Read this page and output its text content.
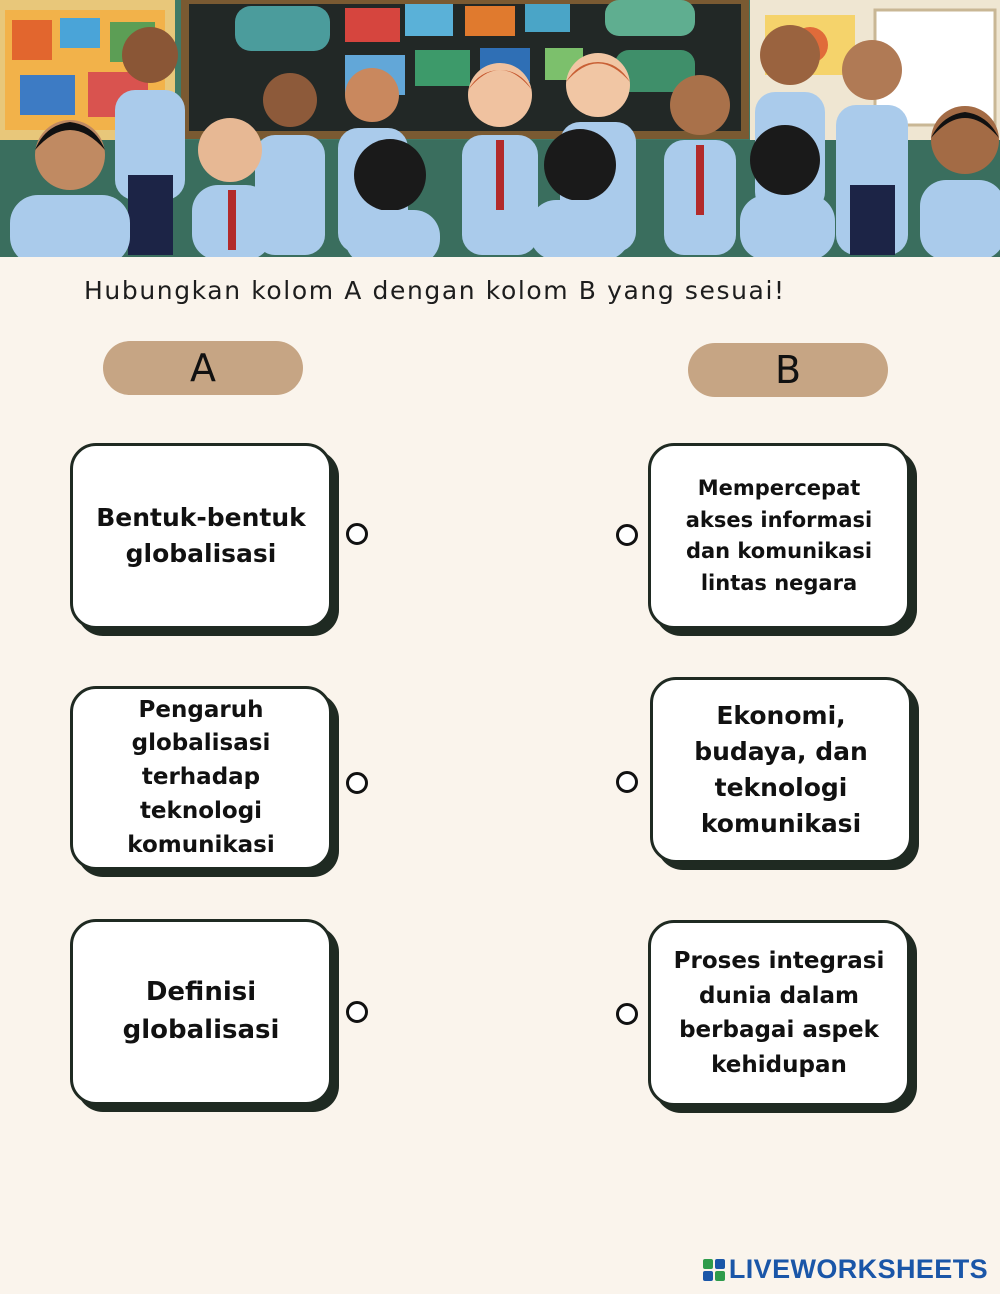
Hubungkan kolom A dengan kolom B yang sesuai!
A	B
Bentuk-bentuk
globalisasi
Pengaruh
globalisasi
terhadap
teknologi
komunikasi
Definisi
globalisasi
Mempercepat
akses informasi
dan komunikasi
lintas negara
Ekonomi,
budaya, dan
teknologi
komunikasi
Proses integrasi
dunia dalam
berbagai aspek
kehidupan
LIVEWORKSHEETS
